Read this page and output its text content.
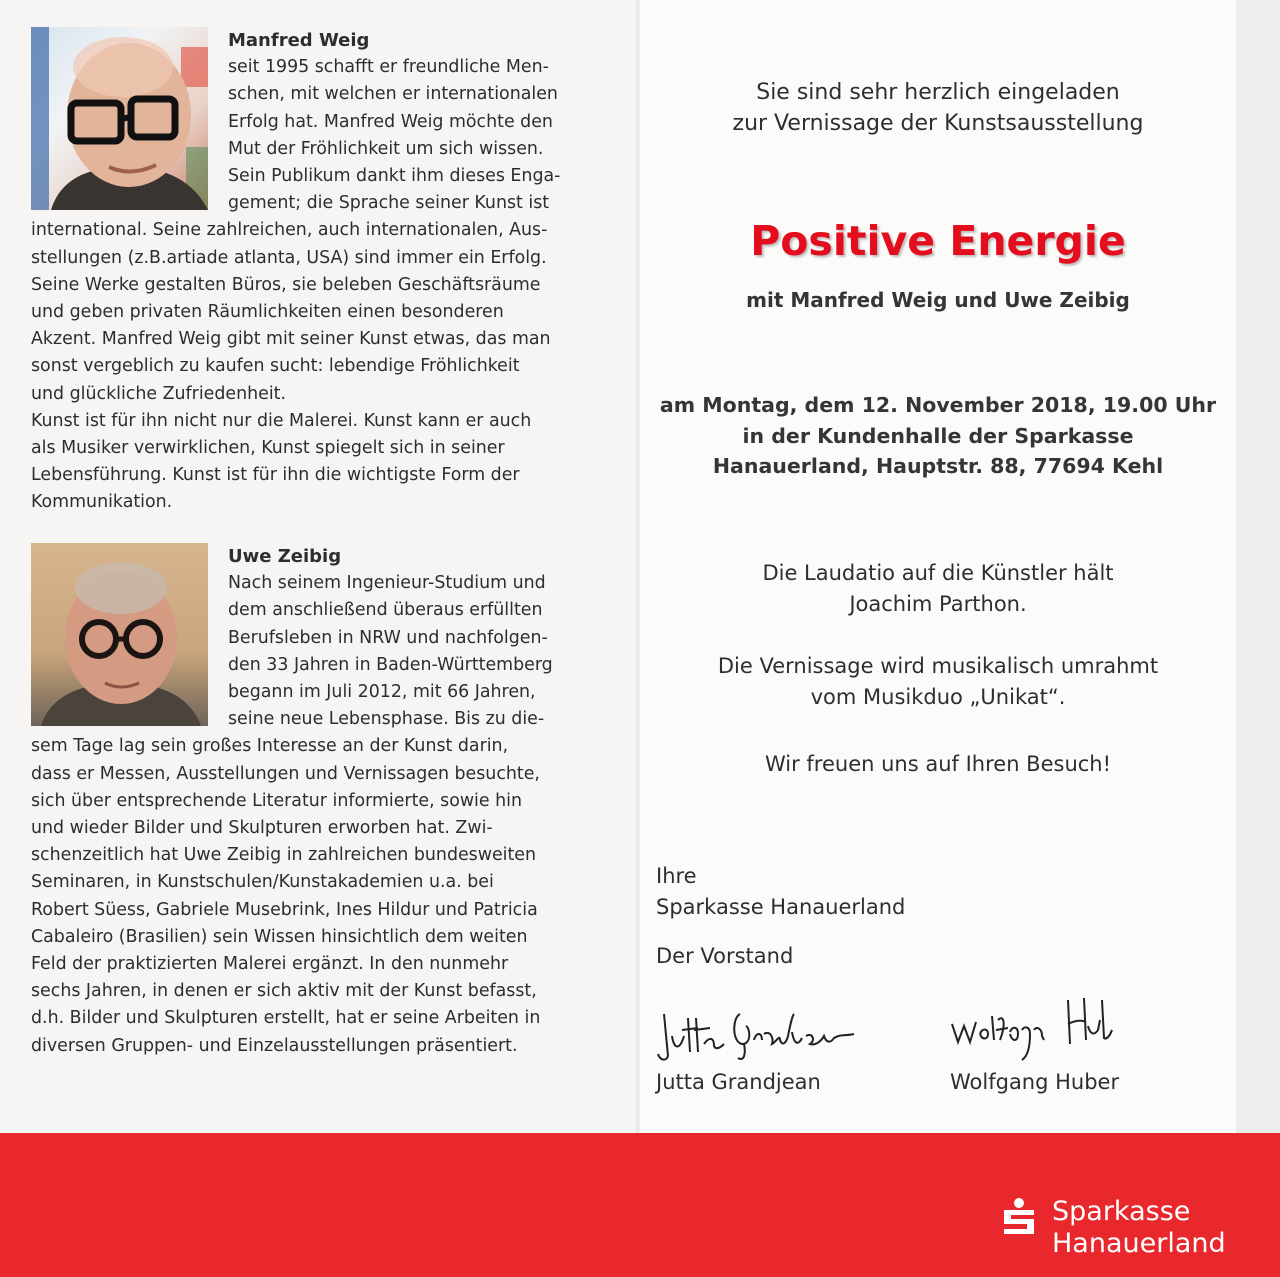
Manfred Weig
seit 1995 schafft er freundliche Men-
schen, mit welchen er internationalen
Erfolg hat. Manfred Weig möchte den
Mut der Fröhlichkeit um sich wissen.
Sein Publikum dankt ihm dieses Enga-
gement; die Sprache seiner Kunst ist
international. Seine zahlreichen, auch internationalen, Aus-
stellungen (z.B.artiade atlanta, USA) sind immer ein Erfolg.
Seine Werke gestalten Büros, sie beleben Geschäftsräume
und geben privaten Räumlichkeiten einen besonderen
Akzent. Manfred Weig gibt mit seiner Kunst etwas, das man
sonst vergeblich zu kaufen sucht: lebendige Fröhlichkeit
und glückliche Zufriedenheit.
Kunst ist für ihn nicht nur die Malerei. Kunst kann er auch
als Musiker verwirklichen, Kunst spiegelt sich in seiner
Lebensführung. Kunst ist für ihn die wichtigste Form der
Kommunikation.
Uwe Zeibig
Nach seinem Ingenieur-Studium und
dem anschließend überaus erfüllten
Berufsleben in NRW und nachfolgen-
den 33 Jahren in Baden-Württemberg
begann im Juli 2012, mit 66 Jahren,
seine neue Lebensphase. Bis zu die-
sem Tage lag sein großes Interesse an der Kunst darin,
dass er Messen, Ausstellungen und Vernissagen besuchte,
sich über entsprechende Literatur informierte, sowie hin
und wieder Bilder und Skulpturen erworben hat. Zwi-
schenzeitlich hat Uwe Zeibig in zahlreichen bundesweiten
Seminaren, in Kunstschulen/Kunstakademien u.a. bei
Robert Süess, Gabriele Musebrink, Ines Hildur und Patricia
Cabaleiro (Brasilien) sein Wissen hinsichtlich dem weiten
Feld der praktizierten Malerei ergänzt. In den nunmehr
sechs Jahren, in denen er sich aktiv mit der Kunst befasst,
d.h. Bilder und Skulpturen erstellt, hat er seine Arbeiten in
diversen Gruppen- und Einzelausstellungen präsentiert.
Sie sind sehr herzlich eingeladen
zur Vernissage der Kunstsausstellung
Positive Energie
mit Manfred Weig und Uwe Zeibig
am Montag, dem 12. November 2018, 19.00 Uhr
in der Kundenhalle der Sparkasse
Hanauerland, Hauptstr. 88, 77694 Kehl
Die Laudatio auf die Künstler hält
Joachim Parthon.
Die Vernissage wird musikalisch umrahmt
vom Musikduo „Unikat“.
Wir freuen uns auf Ihren Besuch!
Ihre
Sparkasse Hanauerland
Der Vorstand
Jutta Grandjean	Wolfgang Huber
Sparkasse
Hanauerland
